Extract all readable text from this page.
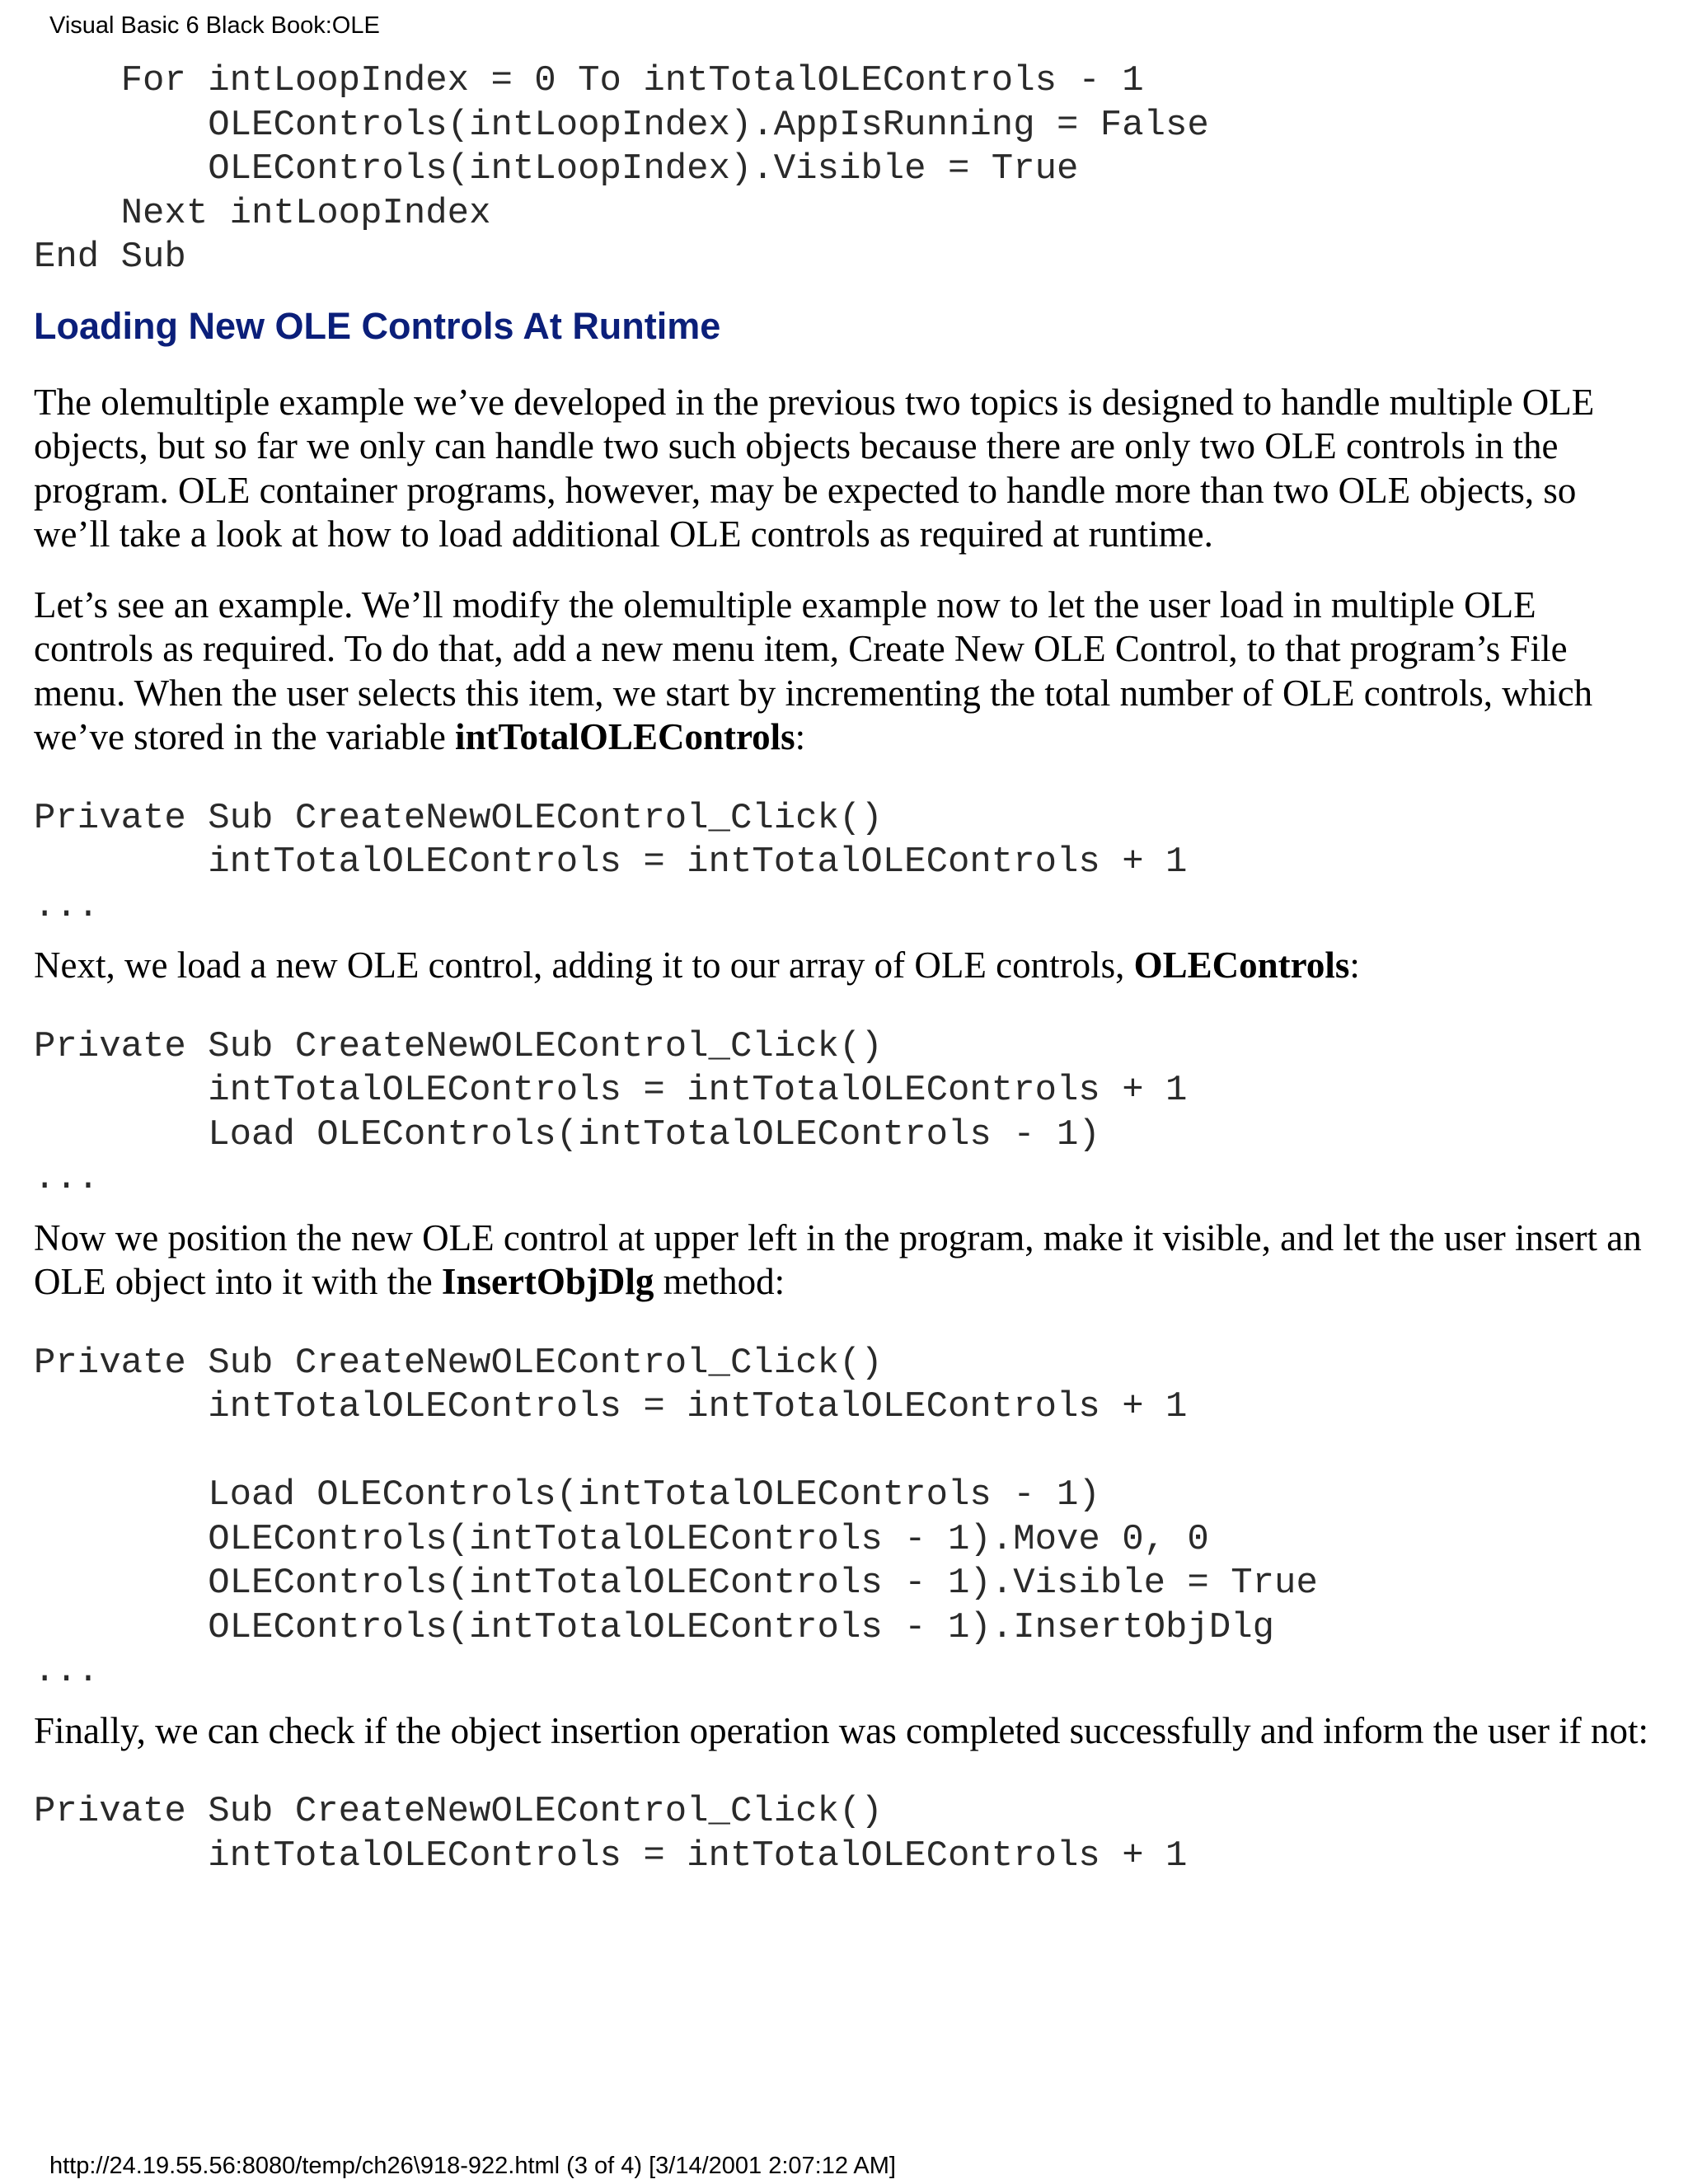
Visual Basic 6 Black Book:OLE
For intLoopIndex = 0 To intTotalOLEControls - 1
OLEControls(intLoopIndex).AppIsRunning = False
OLEControls(intLoopIndex).Visible = True
Next intLoopIndex
End Sub
Loading New OLE Controls At Runtime

The olemultiple example we’ve developed in the previous two topics is designed to handle multiple OLE objects, but so far we only can handle two such objects because there are only two OLE controls in the program. OLE container programs, however, may be expected to handle more than two OLE objects, so we’ll take a look at how to load additional OLE controls as required at runtime.

Let’s see an example. We’ll modify the olemultiple example now to let the user load in multiple OLE controls as required. To do that, add a new menu item, Create New OLE Control, to that program’s File menu. When the user selects this item, we start by incrementing the total number of OLE controls, which we’ve stored in the variable intTotalOLEControls:

Private Sub CreateNewOLEControl_Click()
intTotalOLEControls = intTotalOLEControls + 1
...

Next, we load a new OLE control, adding it to our array of OLE controls, OLEControls:

Private Sub CreateNewOLEControl_Click()
intTotalOLEControls = intTotalOLEControls + 1
Load OLEControls(intTotalOLEControls - 1)
...

Now we position the new OLE control at upper left in the program, make it visible, and let the user insert an OLE object into it with the InsertObjDlg method:

Private Sub CreateNewOLEControl_Click()
intTotalOLEControls = intTotalOLEControls + 1

Load OLEControls(intTotalOLEControls - 1)
OLEControls(intTotalOLEControls - 1).Move 0, 0
OLEControls(intTotalOLEControls - 1).Visible = True
OLEControls(intTotalOLEControls - 1).InsertObjDlg
...

Finally, we can check if the object insertion operation was completed successfully and inform the user if not:

Private Sub CreateNewOLEControl_Click()
intTotalOLEControls = intTotalOLEControls + 1
http://24.19.55.56:8080/temp/ch26\918-922.html (3 of 4) [3/14/2001 2:07:12 AM]
